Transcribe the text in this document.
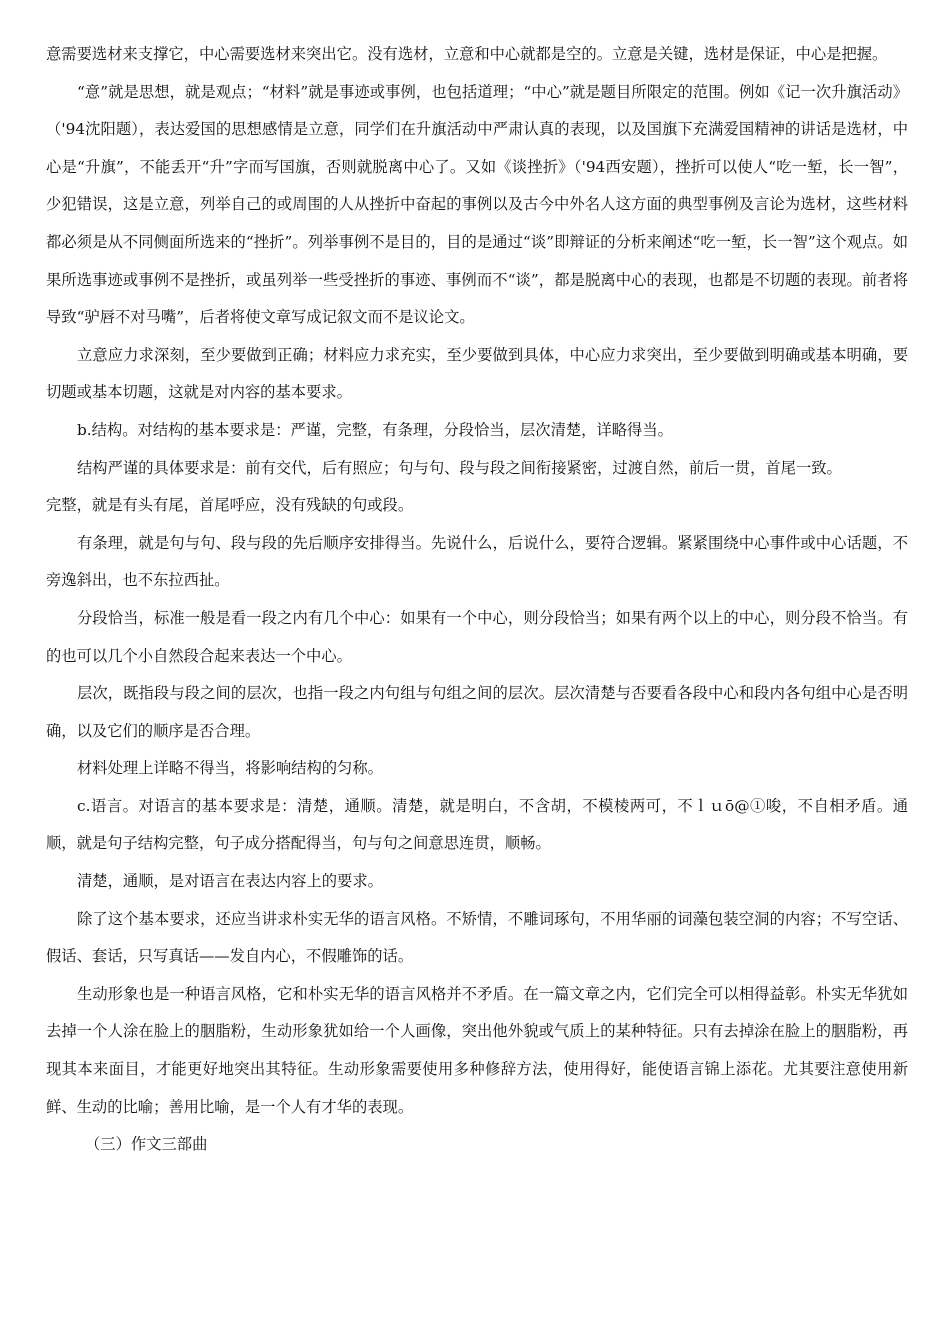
意需要选材来支撑它，中心需要选材来突出它。没有选材，立意和中心就都是空的。立意是关键，选材是保证，中心是把握。

“意”就是思想，就是观点；“材料”就是事迹或事例，也包括道理；“中心”就是题目所限定的范围。例如《记一次升旗活动》（'94沈阳题），表达爱国的思想感情是立意，同学们在升旗活动中严肃认真的表现，以及国旗下充满爱国精神的讲话是选材，中心是“升旗”，不能丢开“升”字而写国旗，否则就脱离中心了。又如《谈挫折》（'94西安题），挫折可以使人“吃一堑，长一智”，少犯错误，这是立意，列举自己的或周围的人从挫折中奋起的事例以及古今中外名人这方面的典型事例及言论为选材，这些材料都必须是从不同侧面所选来的“挫折”。列举事例不是目的，目的是通过“谈”即辩证的分析来阐述“吃一堑，长一智”这个观点。如果所选事迹或事例不是挫折，或虽列举一些受挫折的事迹、事例而不“谈”，都是脱离中心的表现，也都是不切题的表现。前者将导致“驴唇不对马嘴”，后者将使文章写成记叙文而不是议论文。

立意应力求深刻，至少要做到正确；材料应力求充实，至少要做到具体，中心应力求突出，至少要做到明确或基本明确，要切题或基本切题，这就是对内容的基本要求。

b.结构。对结构的基本要求是：严谨，完整，有条理，分段恰当，层次清楚，详略得当。

结构严谨的具体要求是：前有交代，后有照应；句与句、段与段之间衔接紧密，过渡自然，前后一贯，首尾一致。

完整，就是有头有尾，首尾呼应，没有残缺的句或段。

有条理，就是句与句、段与段的先后顺序安排得当。先说什么，后说什么，要符合逻辑。紧紧围绕中心事件或中心话题，不旁逸斜出，也不东拉西扯。

分段恰当，标准一般是看一段之内有几个中心：如果有一个中心，则分段恰当；如果有两个以上的中心，则分段不恰当。有的也可以几个小自然段合起来表达一个中心。

层次，既指段与段之间的层次，也指一段之内句组与句组之间的层次。层次清楚与否要看各段中心和段内各句组中心是否明确，以及它们的顺序是否合理。

材料处理上详略不得当，将影响结构的匀称。

c.语言。对语言的基本要求是：清楚，通顺。清楚，就是明白，不含胡，不模棱两可，不ｌｕō@①唆，不自相矛盾。通顺，就是句子结构完整，句子成分搭配得当，句与句之间意思连贯，顺畅。

清楚，通顺，是对语言在表达内容上的要求。

除了这个基本要求，还应当讲求朴实无华的语言风格。不矫情，不雕词琢句，不用华丽的词藻包装空洞的内容；不写空话、假话、套话，只写真话——发自内心，不假雕饰的话。

生动形象也是一种语言风格，它和朴实无华的语言风格并不矛盾。在一篇文章之内，它们完全可以相得益彰。朴实无华犹如去掉一个人涂在脸上的胭脂粉，生动形象犹如给一个人画像，突出他外貌或气质上的某种特征。只有去掉涂在脸上的胭脂粉，再现其本来面目，才能更好地突出其特征。生动形象需要使用多种修辞方法，使用得好，能使语言锦上添花。尤其要注意使用新鲜、生动的比喻；善用比喻，是一个人有才华的表现。

（三）作文三部曲
